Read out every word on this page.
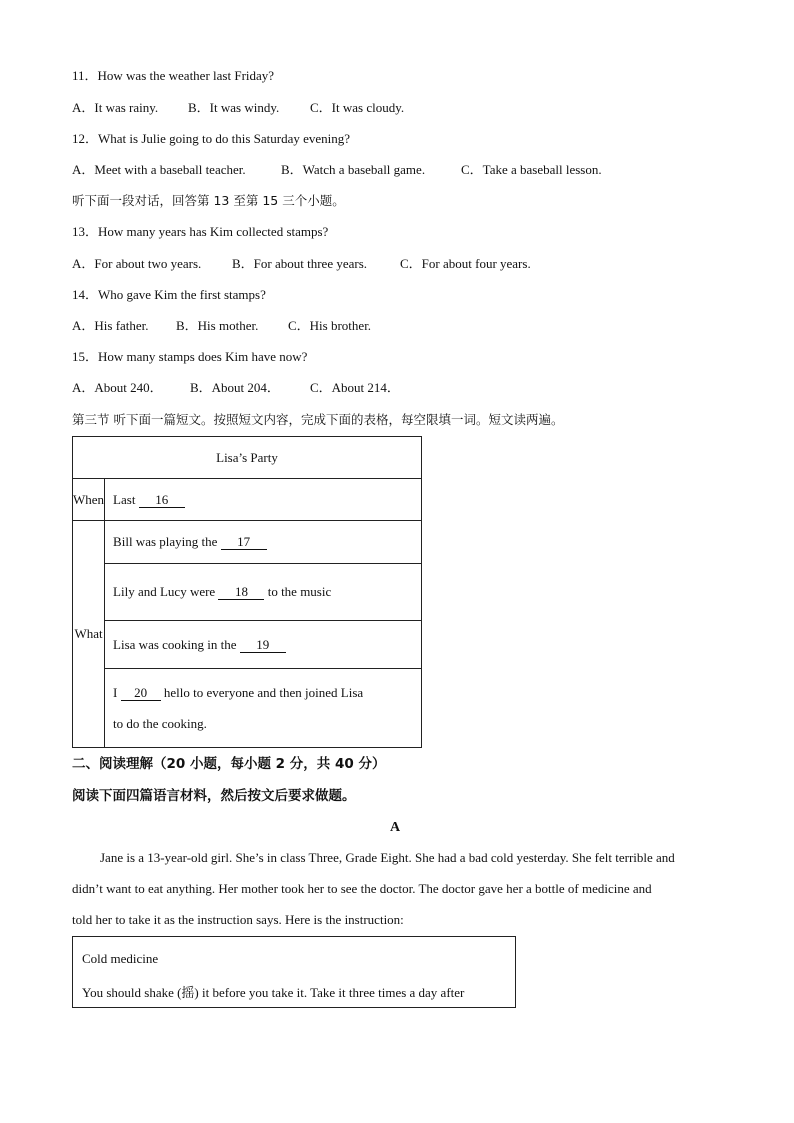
11．How was the weather last Friday?
A．It was rainy. B．It was windy. C．It was cloudy.
12．What is Julie going to do this Saturday evening?
A．Meet with a baseball teacher.	B．Watch a baseball game.	C．Take a baseball lesson.
听下面一段对话，回答第 13 至第 15 三个小题。
13．How many years has Kim collected stamps?
A．For about two years. B．For about three years.	C．For about four years.
14．Who gave Kim the first stamps?
A．His father. B．His mother. C．His brother.
15．How many stamps does Kim have now?
A．About 240． B．About 204． C．About 214．
第三节 听下面一篇短文。按照短文内容，完成下面的表格，每空限填一词。短文读两遍。
Lisa’s Party	
When	Last 16
What	Bill was playing the 17
	Lily and Lucy were 18 to the music
	Lisa was cooking in the 19

	I 20 hello to everyone and then joined Lisa
to do the cooking.
二、阅读理解（20 小题，每小题 2 分，共 40 分）
阅读下面四篇语言材料，然后按文后要求做题。
A
Jane is a 13-year-old girl. She’s in class Three, Grade Eight. She had a bad cold yesterday. She felt terrible and
didn’t want to eat anything. Her mother took her to see the doctor. The doctor gave her a bottle of medicine and
told her to take it as the instruction says. Here is the instruction:
Cold medicine
You should shake (摇) it before you take it. Take it three times a day after
